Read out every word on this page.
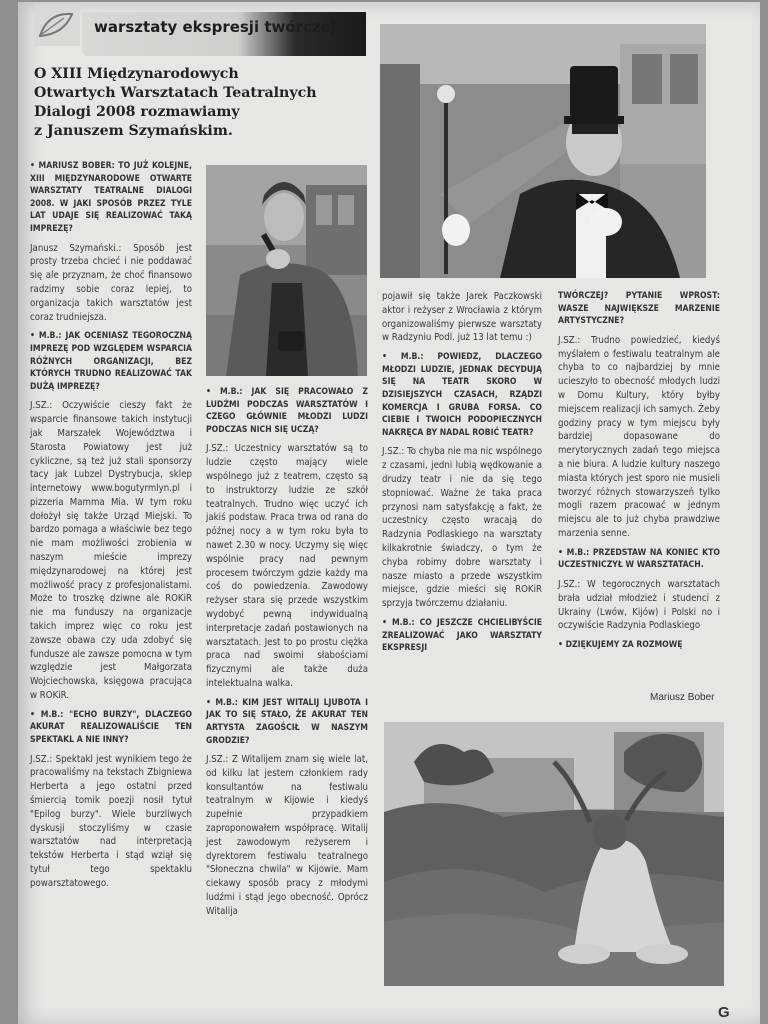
warsztaty ekspresji twórczej
O XIII Międzynarodowych
Otwartych Warsztatach Teatralnych
Dialogi 2008 rozmawiamy
z Januszem Szymańskim.

• MARIUSZ BOBER: TO JUŻ KOLEJNE, XIII MIĘDZYNARODOWE OTWARTE WARSZTATY TEATRALNE DIALOGI 2008. W JAKI SPOSÓB PRZEZ TYLE LAT UDAJE SIĘ REALIZOWAĆ TAKĄ IMPREZĘ?

Janusz Szymański.: Sposób jest prosty trzeba chcieć i nie poddawać się ale przyznam, że choć finansowo radzimy sobie coraz lepiej, to organizacja takich warsztatów jest coraz trudniejsza.

• M.B.: JAK OCENIASZ TEGOROCZNĄ IMPREZĘ POD WZGLĘDEM WSPARCIA RÓŻNYCH ORGANIZACJI, BEZ KTÓRYCH TRUDNO REALIZOWAĆ TAK DUŻĄ IMPREZĘ?

J.SZ.: Oczywiście cieszy fakt że wsparcie finansowe takich instytucji jak Marszałek Województwa i Starosta Powiatowy jest już cykliczne, są też już stali sponsorzy tacy jak Lubzel Dystrybucja, sklep internetowy www.bogutyrmlyn.pl i pizzeria Mamma Mia. W tym roku dołożył się także Urząd Miejski. To bardzo pomaga a właściwie bez tego nie mam możliwości zrobienia w naszym mieście imprezy międzynarodowej na której jest możliwość pracy z profesjonalistami. Może to troszkę dziwne ale ROKiR nie ma funduszy na organizacje takich imprez więc co roku jest zawsze obawa czy uda zdobyć się fundusze ale zawsze pomocna w tym względzie jest Małgorzata Wojciechowska, księgowa pracująca w ROKiR.

• M.B.: "ECHO BURZY", DLACZEGO AKURAT REALIZOWALIŚCIE TEN SPEKTAKL A NIE INNY?

J.SZ.: Spektakl jest wynikiem tego że pracowaliśmy na tekstach Zbigniewa Herberta a jego ostatni przed śmiercią tomik poezji nosił tytuł "Epilog burzy". Wiele burzliwych dyskusji stoczyliśmy w czasie warsztatów nad interpretacją tekstów Herberta i stąd wziął się tytuł tego spektaklu powarsztatowego.

• M.B.: JAK SIĘ PRACOWAŁO Z LUDŹMI PODCZAS WARSZTATÓW I CZEGO GŁÓWNIE MŁODZI LUDZI PODCZAS NICH SIĘ UCZĄ?

J.SZ.: Uczestnicy warsztatów są to ludzie często mający wiele wspólnego już z teatrem, często są to instruktorzy ludzie ze szkół teatralnych. Trudno więc uczyć ich jakiś podstaw. Praca trwa od rana do późnej nocy a w tym roku była to nawet 2.30 w nocy. Uczymy się więc wspólnie pracy nad pewnym procesem twórczym gdzie każdy ma coś do powiedzenia. Zawodowy reżyser stara się przede wszystkim wydobyć pewną indywidualną interpretacje zadań postawionych na warsztatach. Jest to po prostu ciężka praca nad swoimi słabościami fizycznymi ale także duża intelektualna walka.

• M.B.: KIM JEST WITALIJ LJUBOTA I JAK TO SIĘ STAŁO, ŻE AKURAT TEN ARTYSTA ZAGOŚCIŁ W NASZYM GRODZIE?

J.SZ.: Z Witalijem znam się wiele lat, od kilku lat jestem członkiem rady konsultantów na festiwalu teatralnym w Kijowie i kiedyś zupełnie przypadkiem zaproponowałem współpracę. Witalij jest zawodowym reżyserem i dyrektorem festiwalu teatralnego "Słoneczna chwila" w Kijowie. Mam ciekawy sposób pracy z młodymi ludźmi i stąd jego obecność. Oprócz Witalija

pojawił się także Jarek Paczkowski aktor i reżyser z Wrocławia z którym organizowaliśmy pierwsze warsztaty w Radzyniu Podl. już 13 lat temu :)

• M.B.: POWIEDZ, DLACZEGO MŁODZI LUDZIE, JEDNAK DECYDUJĄ SIĘ NA TEATR SKORO W DZISIEJSZYCH CZASACH, RZĄDZI KOMERCJA I GRUBA FORSA. CO CIEBIE I TWOICH PODOPIECZNYCH NAKRĘCA BY NADAL ROBIĆ TEATR?

J.SZ.: To chyba nie ma nic wspólnego z czasami, jedni lubią wędkowanie a drudzy teatr i nie da się tego stopniować. Ważne że taka praca przynosi nam satysfakcję a fakt, że uczestnicy często wracają do Radzynia Podlaskiego na warsztaty kilkakrotnie świadczy, o tym że chyba robimy dobre warsztaty i nasze miasto a przede wszystkim miejsce, gdzie mieści się ROKiR sprzyja twórczemu działaniu.

• M.B.: CO JESZCZE CHCIELIBYŚCIE ZREALIZOWAĆ JAKO WARSZTATY EKSPRESJI

TWÓRCZEJ? PYTANIE WPROST: WASZE NAJWIĘKSZE MARZENIE ARTYSTYCZNE?

J.SZ.: Trudno powiedzieć, kiedyś myślałem o festiwalu teatralnym ale chyba to co najbardziej by mnie ucieszyło to obecność młodych ludzi w Domu Kultury, który byłby miejscem realizacji ich samych. Żeby godziny pracy w tym miejscu były bardziej dopasowane do merytorycznych zadań tego miejsca a nie biura. A ludzie kultury naszego miasta których jest sporo nie musieli tworzyć różnych stowarzyszeń tylko mogli razem pracować w jednym miejscu ale to już chyba prawdziwe marzenia senne.

• M.B.: PRZEDSTAW NA KONIEC KTO UCZESTNICZYŁ W WARSZTATACH.

J.SZ.: W tegorocznych warsztatach brała udział młodzież i studenci z Ukrainy (Lwów, Kijów) i Polski no i oczywiście Radzynia Podlaskiego

• DZIĘKUJEMY ZA ROZMOWĘ

Mariusz Bober
G
